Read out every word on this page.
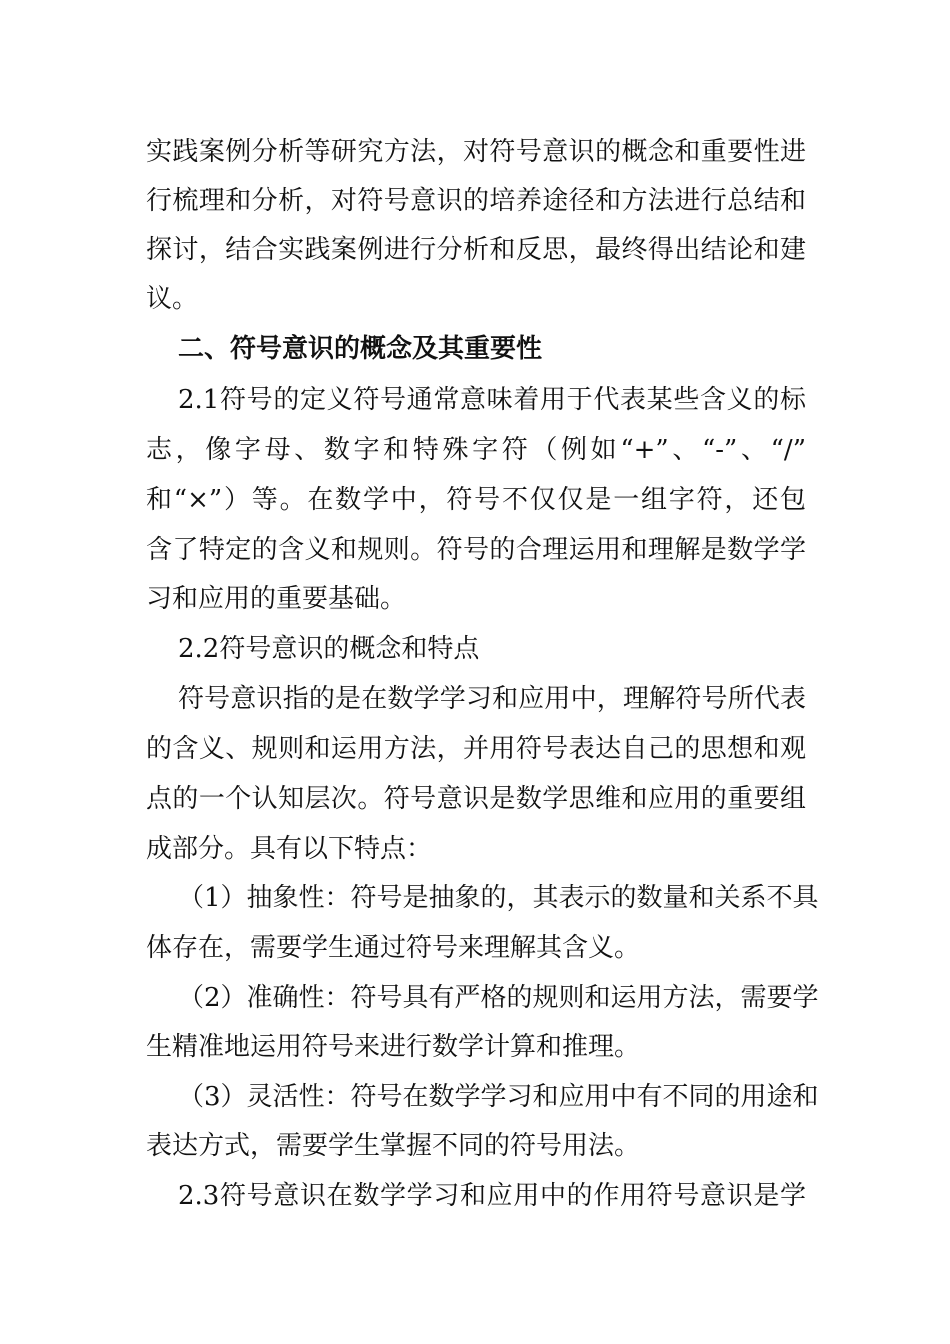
实践案例分析等研究方法，对符号意识的概念和重要性进
行梳理和分析，对符号意识的培养途径和方法进行总结和
探讨，结合实践案例进行分析和反思，最终得出结论和建
议。
二、符号意识的概念及其重要性
2.1符号的定义符号通常意味着用于代表某些含义的标
志，像字母、数字和特殊字符（例如“+”、“-”、“/”
和“×”）等。在数学中，符号不仅仅是一组字符，还包
含了特定的含义和规则。符号的合理运用和理解是数学学
习和应用的重要基础。
2.2符号意识的概念和特点
符号意识指的是在数学学习和应用中，理解符号所代表
的含义、规则和运用方法，并用符号表达自己的思想和观
点的一个认知层次。符号意识是数学思维和应用的重要组
成部分。具有以下特点：
（1）抽象性：符号是抽象的，其表示的数量和关系不具
体存在，需要学生通过符号来理解其含义。
（2）准确性：符号具有严格的规则和运用方法，需要学
生精准地运用符号来进行数学计算和推理。
（3）灵活性：符号在数学学习和应用中有不同的用途和
表达方式，需要学生掌握不同的符号用法。
2.3符号意识在数学学习和应用中的作用符号意识是学
